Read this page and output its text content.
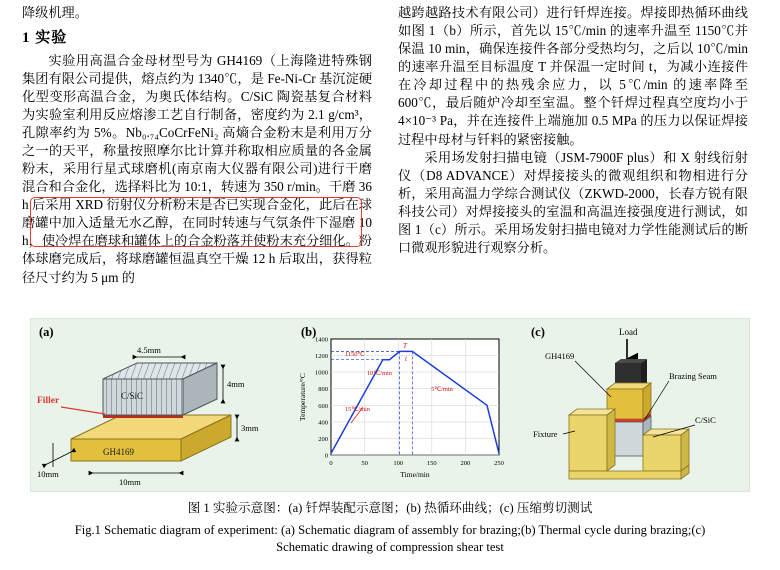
降级机理。

1 实验

实验用高温合金母材型号为 GH4169（上海隆进特殊钢集团有限公司提供，熔点约为 1340℃，是 Fe-Ni-Cr 基沉淀硬化型变形高温合金，为奥氏体结构。C/SiC 陶瓷基复合材料为实验室利用反应熔渗工艺自行制备，密度约为 2.1 g/cm³，孔隙率约为 5%。Nb₀.₇₄CoCrFeNi₂ 高熵合金粉末是利用万分之一的天平，称量按照摩尔比计算并称取相应质量的各金属粉末，采用行星式球磨机(南京南大仪器有限公司)进行干磨混合和合金化，选择料比为 10:1，转速为 350 r/min。干磨 36 h 后采用 XRD 衍射仪分析粉末是否已实现合金化，此后在球磨罐中加入适量无水乙醇，在同时转速与气氛条件下湿磨 10 h，使冷焊在磨球和罐体上的合金粉落并使粉末充分细化。粉体球磨完成后，将球磨罐恒温真空干燥 12 h 后取出，获得粒径尺寸约为 5 μm 的

越跨越路技术有限公司）进行钎焊连接。焊接即热循环曲线如图 1（b）所示，首先以 15℃/min 的速率升温至 1150℃并保温 10 min，确保连接件各部分受热均匀，之后以 10℃/min 的速率升温至目标温度 T 并保温一定时间 t，为减小连接件在冷却过程中的热残余应力，以 5℃/min 的速率降至 600℃，最后随炉冷却至室温。整个钎焊过程真空度均小于 4×10⁻³ Pa，并在连接件上端施加 0.5 MPa 的压力以保证焊接过程中母材与钎料的紧密接触。

采用场发射扫描电镜（JSM-7900F plus）和 X 射线衍射仪（D8 ADVANCE）对焊接接头的微观组织和物相进行分析，采用高温力学综合测试仪（ZKWD-2000，长春方锐有限科技公司）对焊接接头的室温和高温连接强度进行测试，如图 1（c）所示。采用场发射扫描电镜对力学性能测试后的断口微观形貌进行观察分析。

(a)
Filler	C/SiC
GH4169
4.5mm
4mm
3mm
10mm
10mm
(b)
0
200
400
600
800
1000
1200
1400
0	50	100	150	200	250
Time/min
Temperature/°C
1150℃
T
t
10℃/min
5℃/min
15℃/min
(c)	Load
GH4169
Brazing Seam
Fixture
C/SiC
图 1 实验示意图：(a) 钎焊装配示意图；(b) 热循环曲线；(c) 压缩剪切测试
Fig.1 Schematic diagram of experiment: (a) Schematic diagram of assembly for brazing;(b) Thermal cycle during brazing;(c)
Schematic drawing of compression shear test
